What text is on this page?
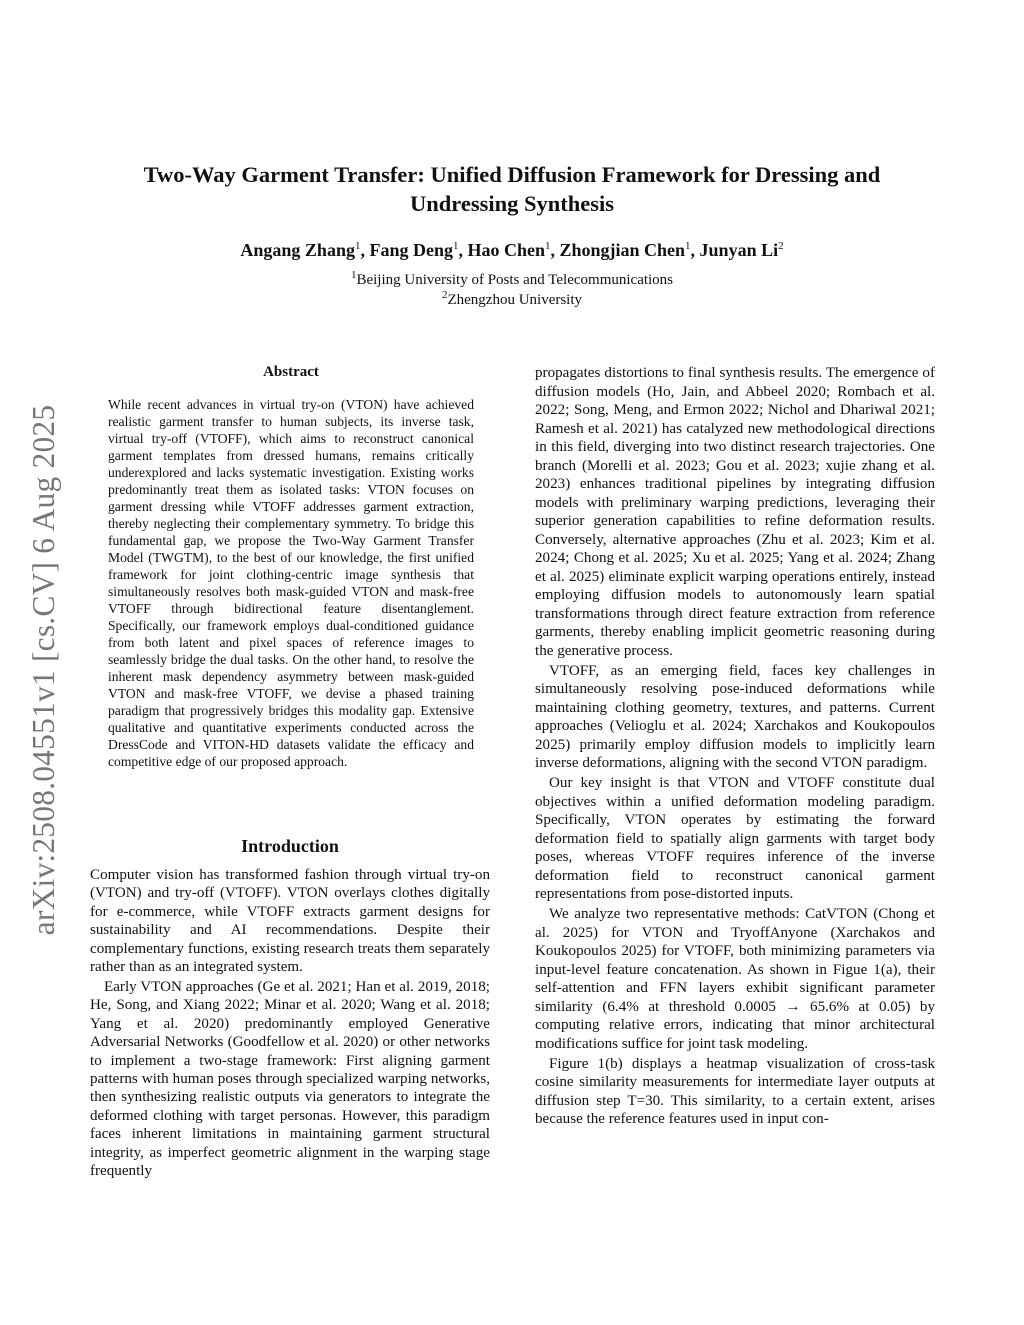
arXiv:2508.04551v1 [cs.CV] 6 Aug 2025
Two-Way Garment Transfer: Unified Diffusion Framework for Dressing and
Undressing Synthesis
Angang Zhang$^1$, Fang Deng$^1$, Hao Chen$^1$, Zhongjian Chen$^1$, Junyan Li$^2$
$^1$Beijing University of Posts and Telecommunications
$^2$Zhengzhou University
Abstract

While recent advances in virtual try-on (VTON) have achieved realistic garment transfer to human subjects, its inverse task, virtual try-off (VTOFF), which aims to reconstruct canonical garment templates from dressed humans, remains critically underexplored and lacks systematic investigation. Existing works predominantly treat them as isolated tasks: VTON focuses on garment dressing while VTOFF addresses garment extraction, thereby neglecting their complementary symmetry. To bridge this fundamental gap, we propose the Two-Way Garment Transfer Model (TWGTM), to the best of our knowledge, the first unified framework for joint clothing-centric image synthesis that simultaneously resolves both mask-guided VTON and mask-free VTOFF through bidirectional feature disentanglement. Specifically, our framework employs dual-conditioned guidance from both latent and pixel spaces of reference images to seamlessly bridge the dual tasks. On the other hand, to resolve the inherent mask dependency asymmetry between mask-guided VTON and mask-free VTOFF, we devise a phased training paradigm that progressively bridges this modality gap. Extensive qualitative and quantitative experiments conducted across the DressCode and VITON-HD datasets validate the efficacy and competitive edge of our proposed approach.

Introduction

Computer vision has transformed fashion through virtual try-on (VTON) and try-off (VTOFF). VTON overlays clothes digitally for e-commerce, while VTOFF extracts garment designs for sustainability and AI recommendations. Despite their complementary functions, existing research treats them separately rather than as an integrated system.

Early VTON approaches (Ge et al. 2021; Han et al. 2019, 2018; He, Song, and Xiang 2022; Minar et al. 2020; Wang et al. 2018; Yang et al. 2020) predominantly employed Generative Adversarial Networks (Goodfellow et al. 2020) or other networks to implement a two-stage framework: First aligning garment patterns with human poses through specialized warping networks, then synthesizing realistic outputs via generators to integrate the deformed clothing with target personas. However, this paradigm faces inherent limitations in maintaining garment structural integrity, as imperfect geometric alignment in the warping stage frequently

propagates distortions to final synthesis results. The emergence of diffusion models (Ho, Jain, and Abbeel 2020; Rombach et al. 2022; Song, Meng, and Ermon 2022; Nichol and Dhariwal 2021; Ramesh et al. 2021) has catalyzed new methodological directions in this field, diverging into two distinct research trajectories. One branch (Morelli et al. 2023; Gou et al. 2023; xujie zhang et al. 2023) enhances traditional pipelines by integrating diffusion models with preliminary warping predictions, leveraging their superior generation capabilities to refine deformation results. Conversely, alternative approaches (Zhu et al. 2023; Kim et al. 2024; Chong et al. 2025; Xu et al. 2025; Yang et al. 2024; Zhang et al. 2025) eliminate explicit warping operations entirely, instead employing diffusion models to autonomously learn spatial transformations through direct feature extraction from reference garments, thereby enabling implicit geometric reasoning during the generative process.

VTOFF, as an emerging field, faces key challenges in simultaneously resolving pose-induced deformations while maintaining clothing geometry, textures, and patterns. Current approaches (Velioglu et al. 2024; Xarchakos and Koukopoulos 2025) primarily employ diffusion models to implicitly learn inverse deformations, aligning with the second VTON paradigm.

Our key insight is that VTON and VTOFF constitute dual objectives within a unified deformation modeling paradigm. Specifically, VTON operates by estimating the forward deformation field to spatially align garments with target body poses, whereas VTOFF requires inference of the inverse deformation field to reconstruct canonical garment representations from pose-distorted inputs.

We analyze two representative methods: CatVTON (Chong et al. 2025) for VTON and TryoffAnyone (Xarchakos and Koukopoulos 2025) for VTOFF, both minimizing parameters via input-level feature concatenation. As shown in Figue 1(a), their self-attention and FFN layers exhibit significant parameter similarity (6.4% at threshold 0.0005 → 65.6% at 0.05) by computing relative errors, indicating that minor architectural modifications suffice for joint task modeling.

Figure 1(b) displays a heatmap visualization of cross-task cosine similarity measurements for intermediate layer outputs at diffusion step T=30. This similarity, to a certain extent, arises because the reference features used in input con-
